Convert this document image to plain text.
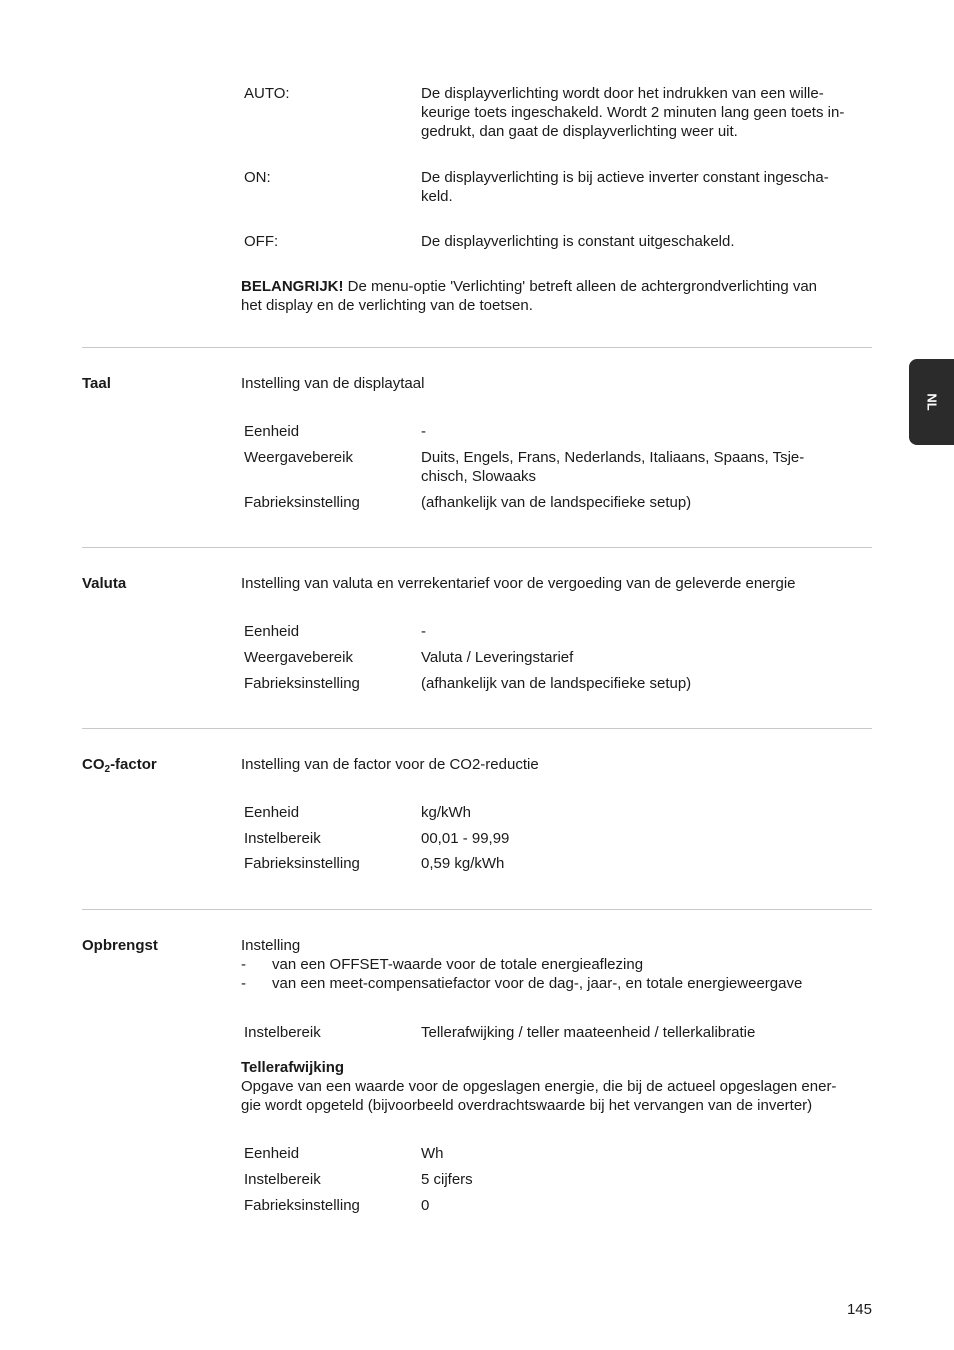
AUTO:	De displayverlichting wordt door het indrukken van een wille-
keurige toets ingeschakeld. Wordt 2 minuten lang geen toets in-
gedrukt, dan gaat de displayverlichting weer uit.
ON:	De displayverlichting is bij actieve inverter constant ingescha-
keld.
OFF:	De displayverlichting is constant uitgeschakeld.
BELANGRIJK! De menu-optie 'Verlichting' betreft alleen de achtergrondverlichting van
het display en de verlichting van de toetsen.
Taal	Instelling van de displaytaal
Eenheid	-
Weergavebereik	Duits, Engels, Frans, Nederlands, Italiaans, Spaans, Tsje-
chisch, Slowaaks
Fabrieksinstelling	(afhankelijk van de landspecifieke setup)
Valuta	Instelling van valuta en verrekentarief voor de vergoeding van de geleverde energie
Eenheid	-
Weergavebereik	Valuta / Leveringstarief
Fabrieksinstelling	(afhankelijk van de landspecifieke setup)
$CO_2$-factor	Instelling van de factor voor de CO2-reductie
Eenheid	kg/kWh
Instelbereik	00,01 - 99,99
Fabrieksinstelling	0,59 kg/kWh
Opbrengst	Instelling
- van een OFFSET-waarde voor de totale energieaflezing
- van een meet-compensatiefactor voor de dag-, jaar-, en totale energieweergave
Instelbereik	Tellerafwijking / teller maateenheid / tellerkalibratie
Tellerafwijking
Opgave van een waarde voor de opgeslagen energie, die bij de actueel opgeslagen ener-
gie wordt opgeteld (bijvoorbeeld overdrachtswaarde bij het vervangen van de inverter)
Eenheid	Wh
Instelbereik	5 cijfers
Fabrieksinstelling	0
145
NL
